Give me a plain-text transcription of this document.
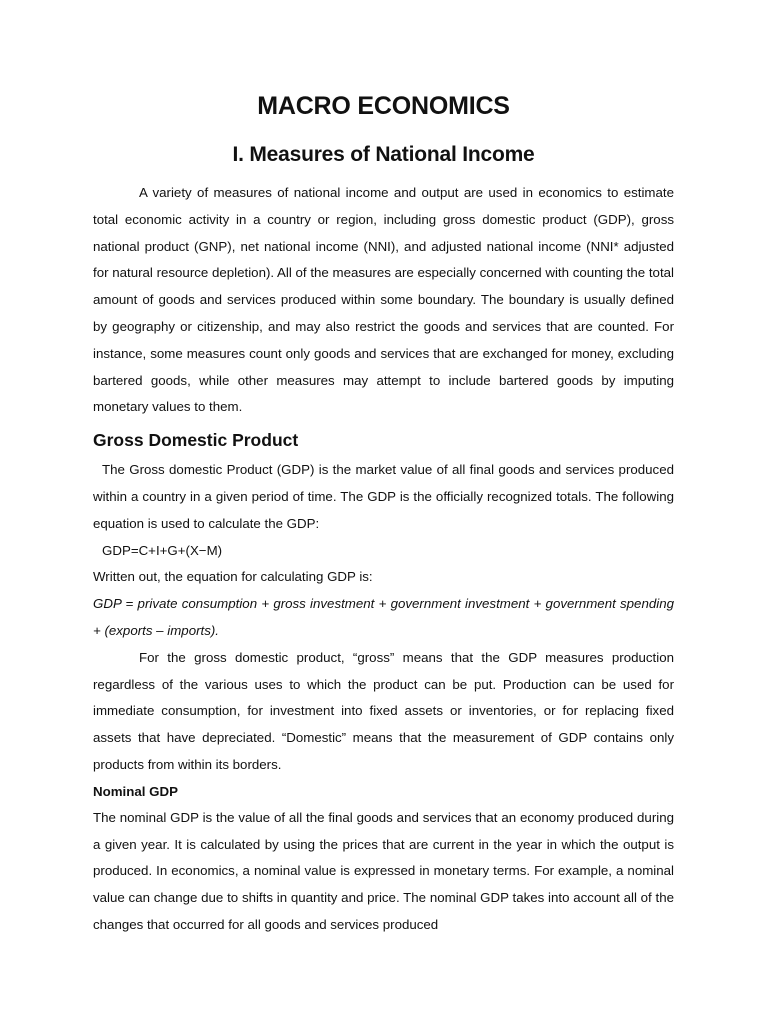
MACRO ECONOMICS
I. Measures of National Income

A variety of measures of national income and output are used in economics to estimate total economic activity in a country or region, including gross domestic product (GDP), gross national product (GNP), net national income (NNI), and adjusted national income (NNI* adjusted for natural resource depletion). All of the measures are especially concerned with counting the total amount of goods and services produced within some boundary. The boundary is usually defined by geography or citizenship, and may also restrict the goods and services that are counted. For instance, some measures count only goods and services that are exchanged for money, excluding bartered goods, while other measures may attempt to include bartered goods by imputing monetary values to them.

Gross Domestic Product

The Gross domestic Product (GDP) is the market value of all final goods and services produced within a country in a given period of time. The GDP is the officially recognized totals. The following equation is used to calculate the GDP:

GDP=C+I+G+(X−M)

Written out, the equation for calculating GDP is:

GDP = private consumption + gross investment + government investment + government spending + (exports – imports).

For the gross domestic product, “gross” means that the GDP measures production regardless of the various uses to which the product can be put. Production can be used for immediate consumption, for investment into fixed assets or inventories, or for replacing fixed assets that have depreciated. “Domestic” means that the measurement of GDP contains only products from within its borders.

Nominal GDP

The nominal GDP is the value of all the final goods and services that an economy produced during a given year. It is calculated by using the prices that are current in the year in which the output is produced. In economics, a nominal value is expressed in monetary terms. For example, a nominal value can change due to shifts in quantity and price. The nominal GDP takes into account all of the changes that occurred for all goods and services produced
